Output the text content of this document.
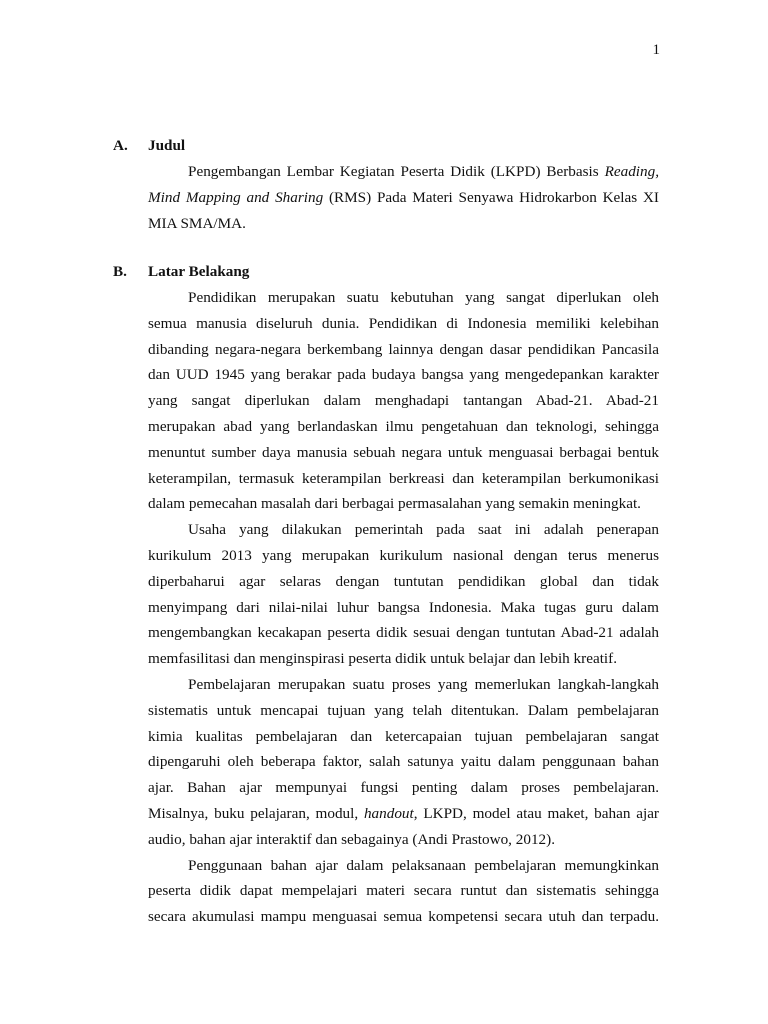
1
A. Judul
Pengembangan Lembar Kegiatan Peserta Didik (LKPD) Berbasis Reading,
Mind Mapping and Sharing (RMS) Pada Materi Senyawa Hidrokarbon Kelas XI
MIA SMA/MA.
B. Latar Belakang
Pendidikan merupakan suatu kebutuhan yang sangat diperlukan oleh
semua manusia diseluruh dunia. Pendidikan di Indonesia memiliki kelebihan
dibanding negara-negara berkembang lainnya dengan dasar pendidikan Pancasila
dan UUD 1945 yang berakar pada budaya bangsa yang mengedepankan karakter
yang sangat diperlukan dalam menghadapi tantangan Abad-21. Abad-21
merupakan abad yang berlandaskan ilmu pengetahuan dan teknologi, sehingga
menuntut sumber daya manusia sebuah negara untuk menguasai berbagai bentuk
keterampilan, termasuk keterampilan berkreasi dan keterampilan berkumonikasi
dalam pemecahan masalah dari berbagai permasalahan yang semakin meningkat.
Usaha yang dilakukan pemerintah pada saat ini adalah penerapan
kurikulum 2013 yang merupakan kurikulum nasional dengan terus menerus
diperbaharui agar selaras dengan tuntutan pendidikan global dan tidak
menyimpang dari nilai-nilai luhur bangsa Indonesia. Maka tugas guru dalam
mengembangkan kecakapan peserta didik sesuai dengan tuntutan Abad-21 adalah
memfasilitasi dan menginspirasi peserta didik untuk belajar dan lebih kreatif.
Pembelajaran merupakan suatu proses yang memerlukan langkah-langkah
sistematis untuk mencapai tujuan yang telah ditentukan. Dalam pembelajaran
kimia kualitas pembelajaran dan ketercapaian tujuan pembelajaran sangat
dipengaruhi oleh beberapa faktor, salah satunya yaitu dalam penggunaan bahan
ajar. Bahan ajar mempunyai fungsi penting dalam proses pembelajaran.
Misalnya, buku pelajaran, modul, handout, LKPD, model atau maket, bahan ajar
audio, bahan ajar interaktif dan sebagainya (Andi Prastowo, 2012).
Penggunaan bahan ajar dalam pelaksanaan pembelajaran memungkinkan
peserta didik dapat mempelajari materi secara runtut dan sistematis sehingga
secara akumulasi mampu menguasai semua kompetensi secara utuh dan terpadu.
